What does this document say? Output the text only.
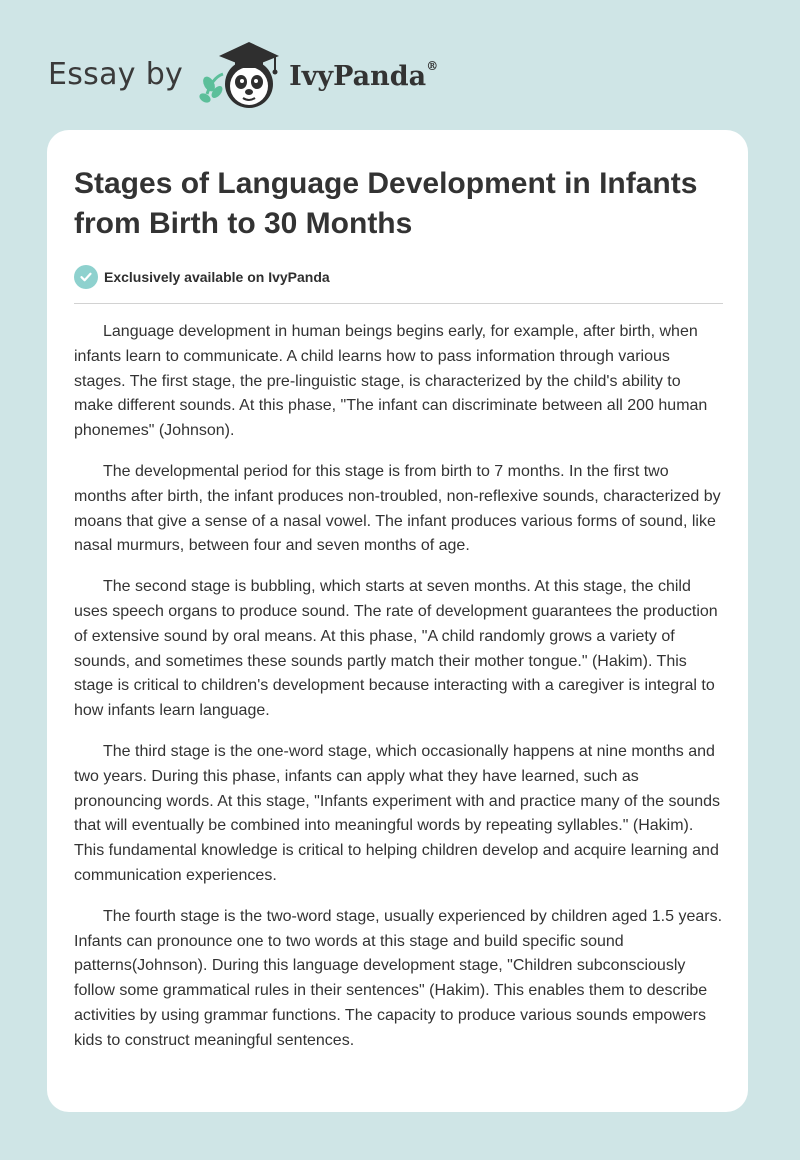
Essay by	IvyPanda®
Stages of Language Development in Infants from Birth to 30 Months
Exclusively available on IvyPanda

Language development in human beings begins early, for example, after birth, when infants learn to communicate. A child learns how to pass information through various stages. The first stage, the pre-linguistic stage, is characterized by the child's ability to make different sounds. At this phase, "The infant can discriminate between all 200 human phonemes" (Johnson).

The developmental period for this stage is from birth to 7 months. In the first two months after birth, the infant produces non-troubled, non-reflexive sounds, characterized by moans that give a sense of a nasal vowel. The infant produces various forms of sound, like nasal murmurs, between four and seven months of age.

The second stage is bubbling, which starts at seven months. At this stage, the child uses speech organs to produce sound. The rate of development guarantees the production of extensive sound by oral means. At this phase, "A child randomly grows a variety of sounds, and sometimes these sounds partly match their mother tongue." (Hakim). This stage is critical to children's development because interacting with a caregiver is integral to how infants learn language.

The third stage is the one-word stage, which occasionally happens at nine months and two years. During this phase, infants can apply what they have learned, such as pronouncing words. At this stage, "Infants experiment with and practice many of the sounds that will eventually be combined into meaningful words by repeating syllables." (Hakim). This fundamental knowledge is critical to helping children develop and acquire learning and communication experiences.

The fourth stage is the two-word stage, usually experienced by children aged 1.5 years. Infants can pronounce one to two words at this stage and build specific sound patterns(Johnson). During this language development stage, "Children subconsciously follow some grammatical rules in their sentences" (Hakim). This enables them to describe activities by using grammar functions. The capacity to produce various sounds empowers kids to construct meaningful sentences.
